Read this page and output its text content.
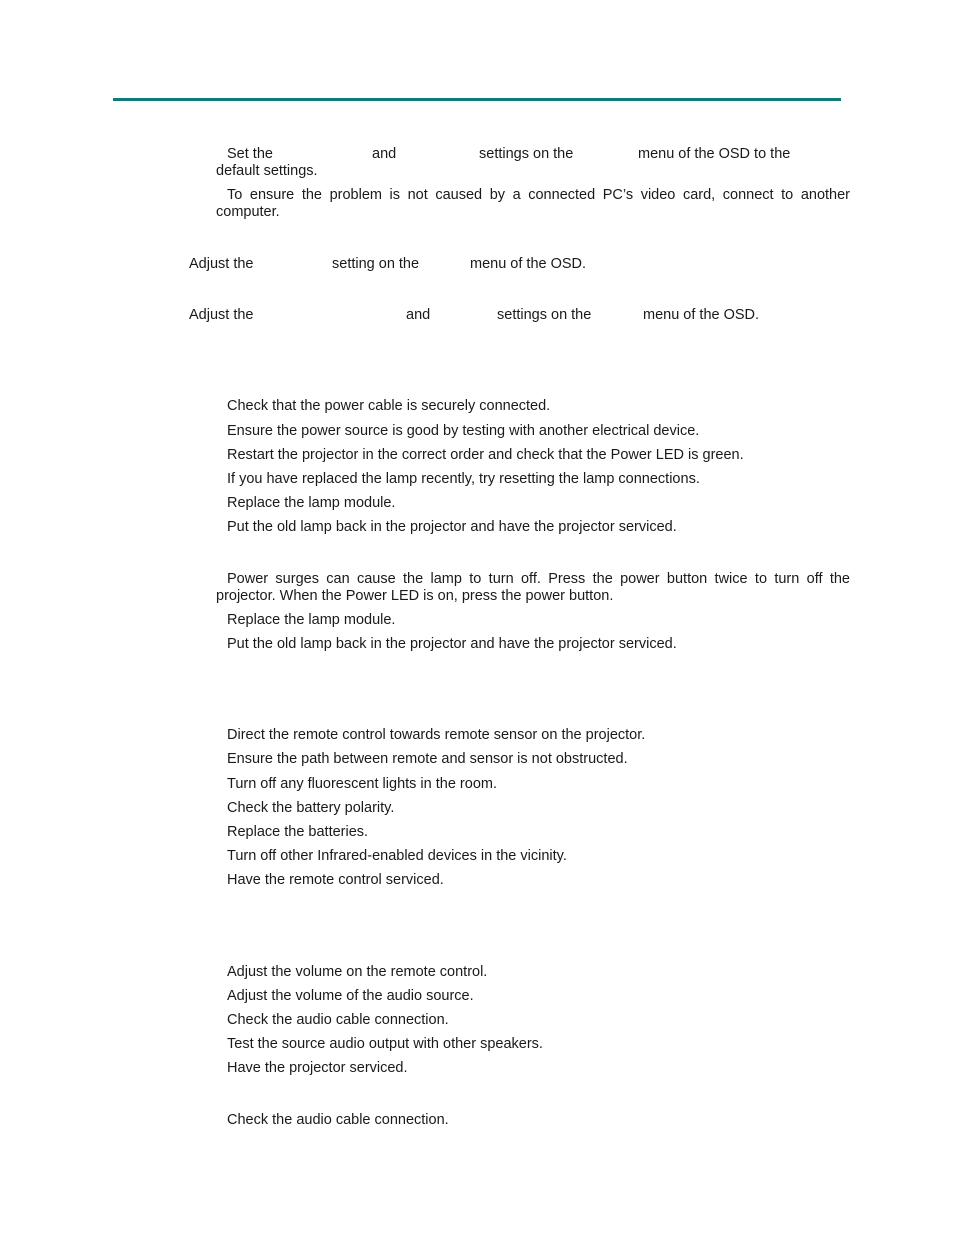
Set the	and	settings on the	menu of the OSD to the
default settings.
To ensure the problem is not caused by a connected PC’s video card, connect to another computer.
Adjust the	setting on the	menu of the OSD.
Adjust the	and	settings on the	menu of the OSD.
Check that the power cable is securely connected.
Ensure the power source is good by testing with another electrical device.
Restart the projector in the correct order and check that the Power LED is green.
If you have replaced the lamp recently, try resetting the lamp connections.
Replace the lamp module.
Put the old lamp back in the projector and have the projector serviced.
Power surges can cause the lamp to turn off. Press the power button twice to turn off the projector. When the Power LED is on, press the power button.
Replace the lamp module.
Put the old lamp back in the projector and have the projector serviced.
Direct the remote control towards remote sensor on the projector.
Ensure the path between remote and sensor is not obstructed.
Turn off any fluorescent lights in the room.
Check the battery polarity.
Replace the batteries.
Turn off other Infrared-enabled devices in the vicinity.
Have the remote control serviced.
Adjust the volume on the remote control.
Adjust the volume of the audio source.
Check the audio cable connection.
Test the source audio output with other speakers.
Have the projector serviced.
Check the audio cable connection.
